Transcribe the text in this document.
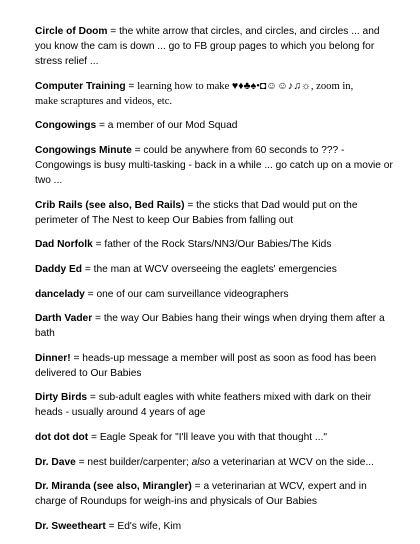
Circle of Doom = the white arrow that circles, and circles, and circles ... and you know the cam is down ... go to FB group pages to which you belong for stress relief ...

Computer Training = learning how to make ♥♦♣♠•◘☺☺♪♫☼, zoom in,
make scraptures and videos, etc.

Congowings = a member of our Mod Squad

Congowings Minute = could be anywhere from 60 seconds to ??? - Congowings is busy multi-tasking - back in a while ... go catch up on a movie or two ...

Crib Rails (see also, Bed Rails) = the sticks that Dad would put on the perimeter of The Nest to keep Our Babies from falling out

Dad Norfolk = father of the Rock Stars/NN3/Our Babies/The Kids

Daddy Ed = the man at WCV overseeing the eaglets' emergencies

dancelady = one of our cam surveillance videographers

Darth Vader = the way Our Babies hang their wings when drying them after a bath

Dinner! = heads-up message a member will post as soon as food has been delivered to Our Babies

Dirty Birds = sub-adult eagles with white feathers mixed with dark on their heads - usually around 4 years of age

dot dot dot = Eagle Speak for "I'll leave you with that thought ..."

Dr. Dave = nest builder/carpenter; also a veterinarian at WCV on the side...

Dr. Miranda (see also, Mirangler) = a veterinarian at WCV, expert and in charge of Roundups for weigh-ins and physicals of Our Babies

Dr. Sweetheart = Ed's wife, Kim
